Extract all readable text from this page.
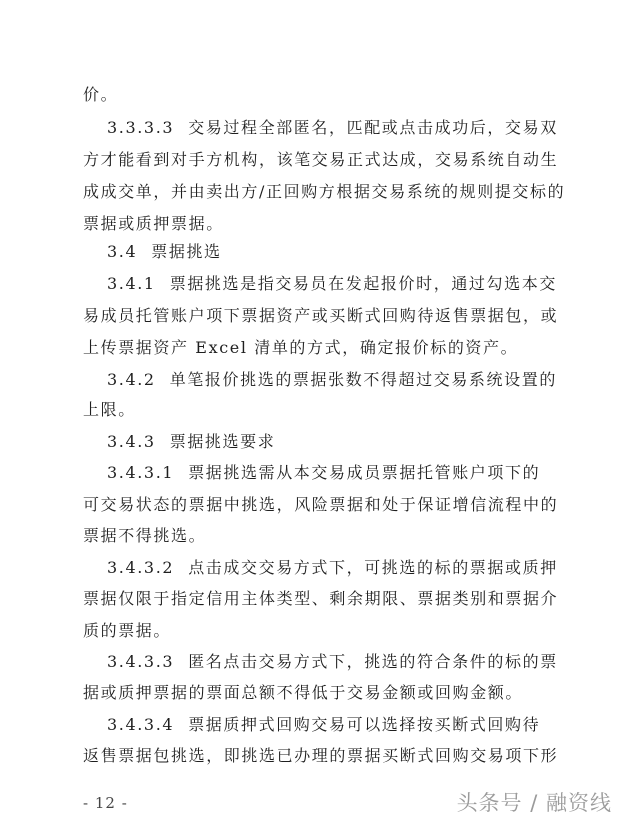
价。
3.3.3.3 交易过程全部匿名，匹配或点击成功后，交易双
方才能看到对手方机构，该笔交易正式达成，交易系统自动生
成成交单，并由卖出方/正回购方根据交易系统的规则提交标的
票据或质押票据。
3.4 票据挑选
3.4.1 票据挑选是指交易员在发起报价时，通过勾选本交
易成员托管账户项下票据资产或买断式回购待返售票据包，或
上传票据资产 Excel 清单的方式，确定报价标的资产。
3.4.2 单笔报价挑选的票据张数不得超过交易系统设置的
上限。
3.4.3 票据挑选要求
3.4.3.1 票据挑选需从本交易成员票据托管账户项下的
可交易状态的票据中挑选，风险票据和处于保证增信流程中的
票据不得挑选。
3.4.3.2 点击成交交易方式下，可挑选的标的票据或质押
票据仅限于指定信用主体类型、剩余期限、票据类别和票据介
质的票据。
3.4.3.3 匿名点击交易方式下，挑选的符合条件的标的票
据或质押票据的票面总额不得低于交易金额或回购金额。
3.4.3.4 票据质押式回购交易可以选择按买断式回购待
返售票据包挑选，即挑选已办理的票据买断式回购交易项下形
- 12 -	头条号 / 融资线
